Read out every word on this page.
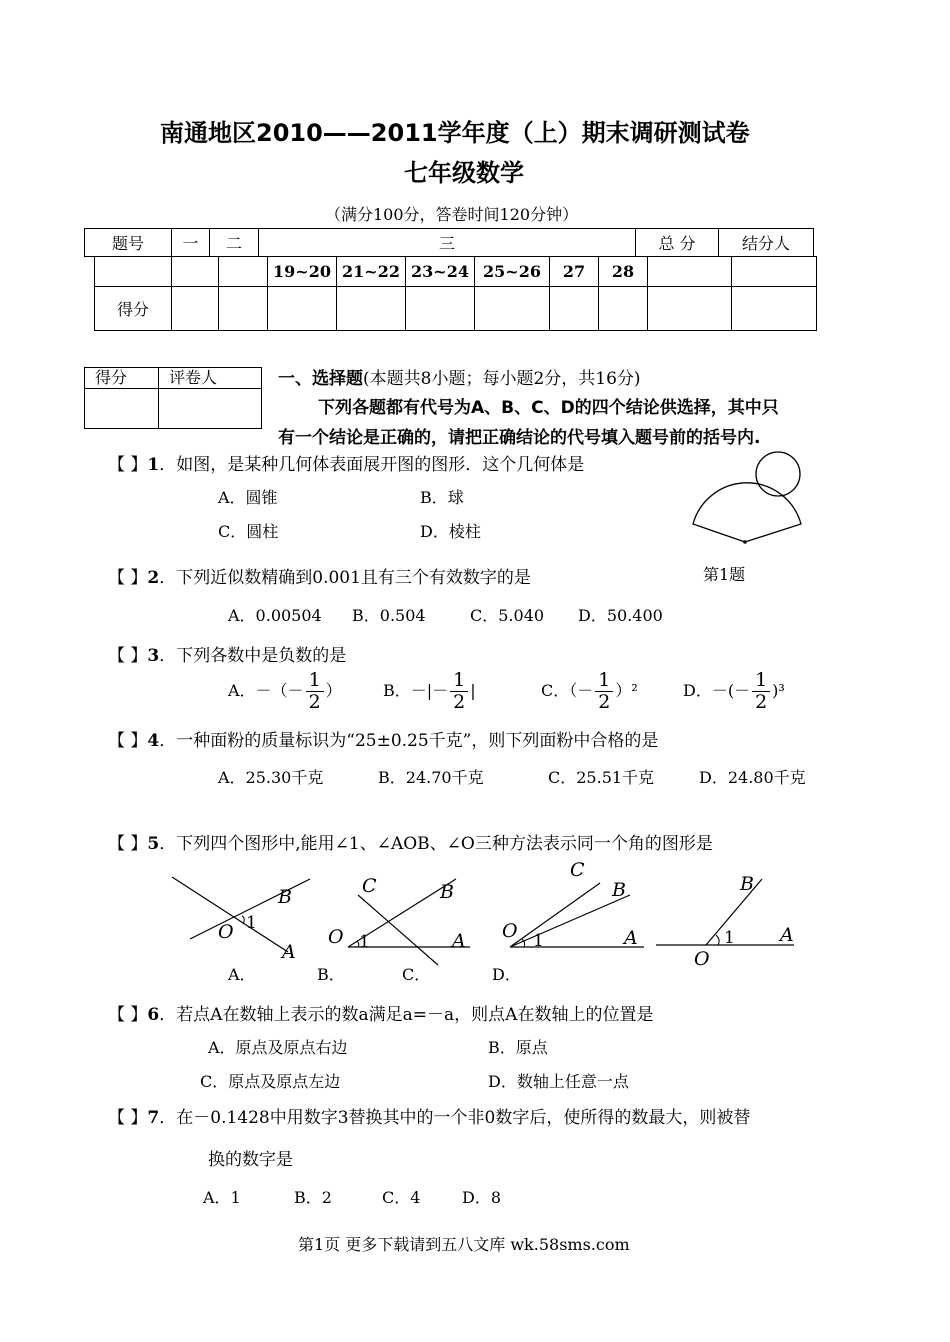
南通地区2010——2011学年度（上）期末调研测试卷
七年级数学
（满分100分，答卷时间120分钟）
题号	一	二	三	总 分	结分人
			19~20	21~22	23~24	25~26	27	28		
得分										
得分	评卷人
		一、选择题(本题共8小题；每小题2分，共16分)
下列各题都有代号为A、B、C、D的四个结论供选择，其中只
有一个结论是正确的，请把正确结论的代号填入题号前的括号内.
【 】1．如图，是某种几何体表面展开图的图形．这个几何体是
A．圆锥	B．球
C．圆柱	D．棱柱
第1题
【 】2．下列近似数精确到0.001且有三个有效数字的是
A．0.00504 B．0.504	C．5.040 D．50.400
【 】3．下列各数中是负数的是
A．－（－ $\frac{1}{2}$ ）	B．－|－ $\frac{1}{2}$ |	C．（－ $\frac{1}{2} )^2$	D．－(－ $\frac{1}{2} )^3$
【 】4．一种面粉的质量标识为“25±0.25千克”，则下列面粉中合格的是
A．25.30千克	B．24.70千克	C．25.51千克	D．24.80千克
【 】5．下列四个图形中,能用∠1、∠AOB、∠O三种方法表示同一个角的图形是
B
1
O
A
C	B
O 1	A
C
B
O 1	A
B
1 A
O
A．	B．	C．	D．
【 】6．若点A在数轴上表示的数a满足a=－a，则点A在数轴上的位置是
A．原点及原点右边	B．原点
C．原点及原点左边	D．数轴上任意一点
【 】7．在－0.1428中用数字3替换其中的一个非0数字后，使所得的数最大，则被替
换的数字是
A．1	B．2	C．4	D．8
第1页 更多下载请到五八文库 wk.58sms.com
